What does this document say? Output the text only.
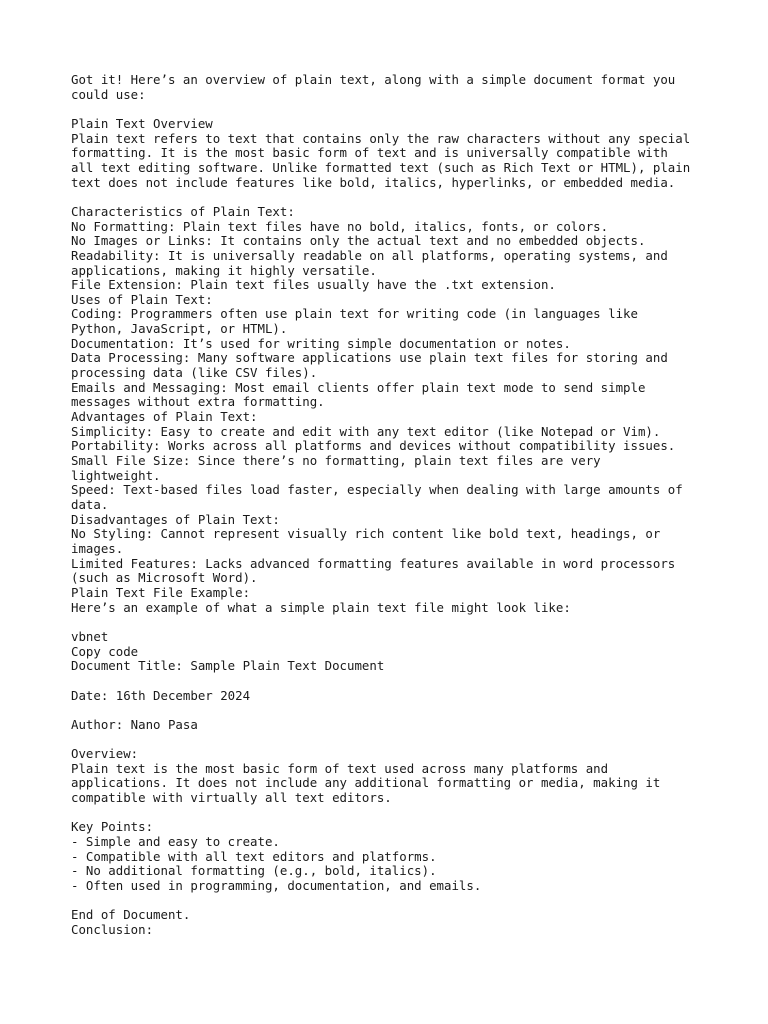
Got it! Here’s an overview of plain text, along with a simple document format you
could use:
Plain Text Overview
Plain text refers to text that contains only the raw characters without any special
formatting. It is the most basic form of text and is universally compatible with
all text editing software. Unlike formatted text (such as Rich Text or HTML), plain
text does not include features like bold, italics, hyperlinks, or embedded media.
Characteristics of Plain Text:
No Formatting: Plain text files have no bold, italics, fonts, or colors.
No Images or Links: It contains only the actual text and no embedded objects.
Readability: It is universally readable on all platforms, operating systems, and
applications, making it highly versatile.
File Extension: Plain text files usually have the .txt extension.
Uses of Plain Text:
Coding: Programmers often use plain text for writing code (in languages like
Python, JavaScript, or HTML).
Documentation: It’s used for writing simple documentation or notes.
Data Processing: Many software applications use plain text files for storing and
processing data (like CSV files).
Emails and Messaging: Most email clients offer plain text mode to send simple
messages without extra formatting.
Advantages of Plain Text:
Simplicity: Easy to create and edit with any text editor (like Notepad or Vim).
Portability: Works across all platforms and devices without compatibility issues.
Small File Size: Since there’s no formatting, plain text files are very
lightweight.
Speed: Text-based files load faster, especially when dealing with large amounts of
data.
Disadvantages of Plain Text:
No Styling: Cannot represent visually rich content like bold text, headings, or
images.
Limited Features: Lacks advanced formatting features available in word processors
(such as Microsoft Word).
Plain Text File Example:
Here’s an example of what a simple plain text file might look like:
vbnet
Copy code
Document Title: Sample Plain Text Document
Date: 16th December 2024
Author: Nano Pasa
Overview:
Plain text is the most basic form of text used across many platforms and
applications. It does not include any additional formatting or media, making it
compatible with virtually all text editors.
Key Points:
- Simple and easy to create.
- Compatible with all text editors and platforms.
- No additional formatting (e.g., bold, italics).
- Often used in programming, documentation, and emails.
End of Document.
Conclusion:
